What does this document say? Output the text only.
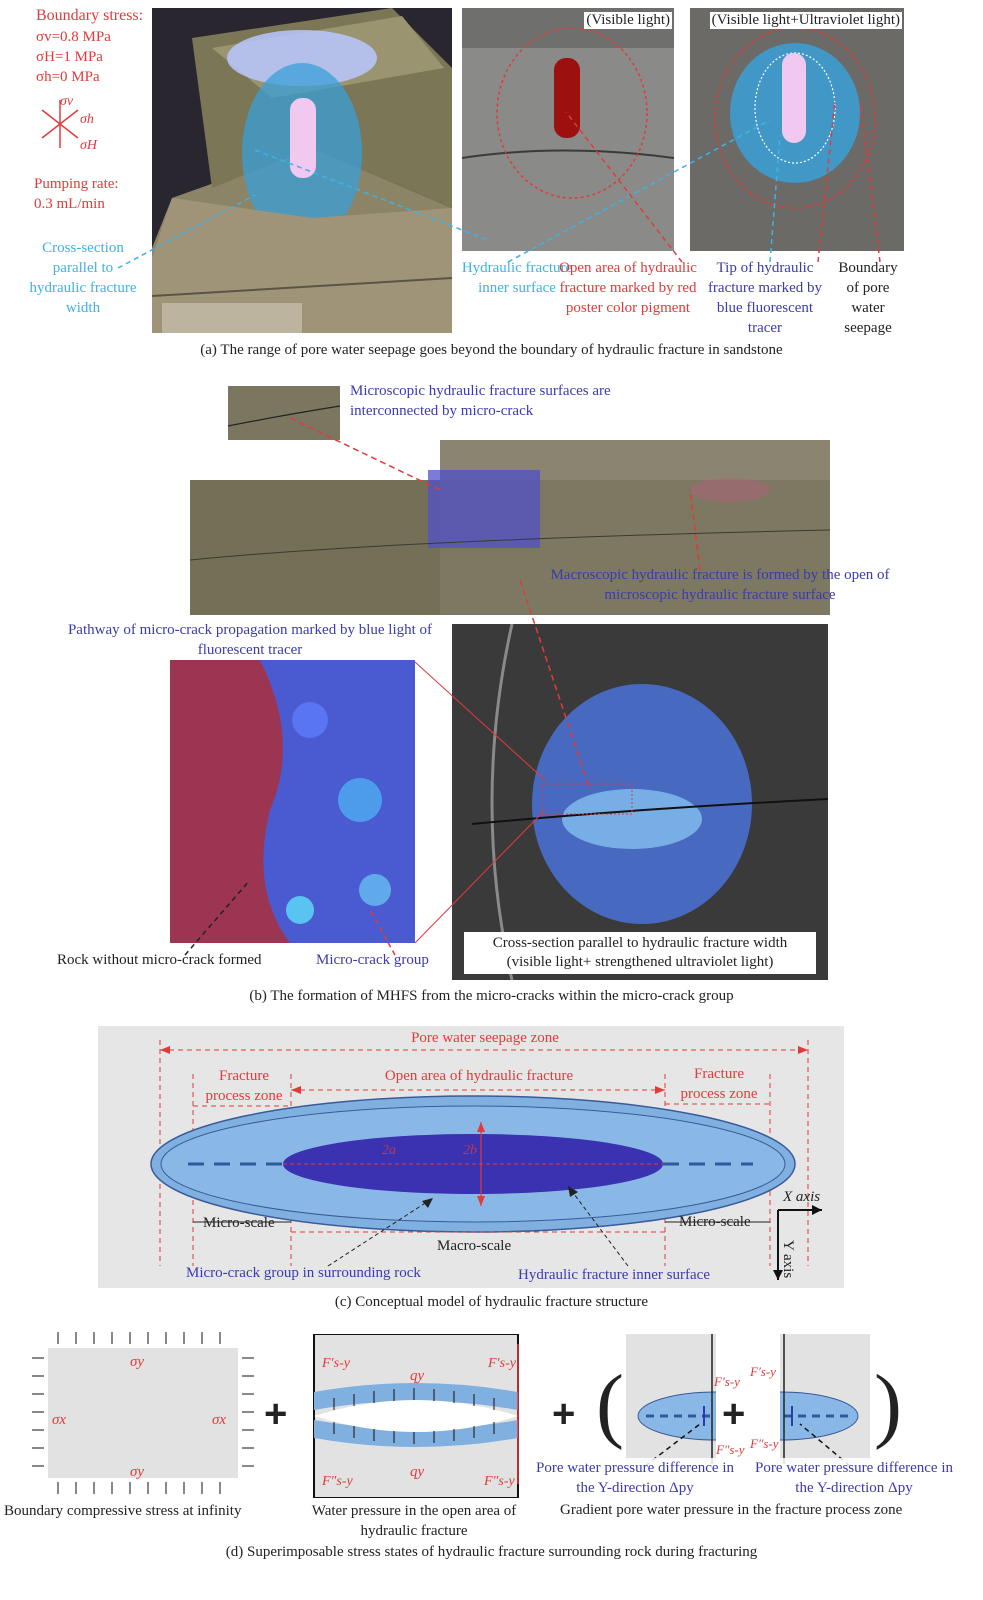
Boundary stress:
σv=0.8 MPa
σH=1 MPa
σh=0 MPa
σv
σh
σH
Pumping rate:
0.3 mL/min
Cross-section parallel to hydraulic fracture width
(Visible light)	(Visible light+Ultraviolet light)
Hydraulic fracture inner surface
Open area of hydraulic fracture marked by red poster color pigment
Tip of hydraulic fracture marked by blue fluorescent tracer
Boundary of pore water seepage
(a) The range of pore water seepage goes beyond the boundary of hydraulic fracture in sandstone
Microscopic hydraulic fracture surfaces are interconnected by micro-crack
Macroscopic hydraulic fracture is formed by the open of microscopic hydraulic fracture surface
Pathway of micro-crack propagation marked by blue light of fluorescent tracer
Cross-section parallel to hydraulic fracture width
(visible light+ strengthened ultraviolet light)
Rock without micro-crack formed	Micro-crack group
(b) The formation of MHFS from the micro-cracks within the micro-crack group
Pore water seepage zone
Fracture process zone
Open area of hydraulic fracture	Fracture process zone
2a	2b
Micro-scale
Macro-scale
Micro-scale
X axis
Y axis
Micro-crack group in surrounding rock	Hydraulic fracture inner surface
(c) Conceptual model of hydraulic fracture structure
σy
σy
σx	σx
Boundary compressive stress at infinity
+
F′s-y	F′s-y
qy
qy
F″s-y	F″s-y
Water pressure in the open area of hydraulic fracture
+ ( +
F′s-y
F′s-y
F″s-y F″s-y )
Pore water pressure difference in the Y-direction Δpy
Pore water pressure difference in the Y-direction Δpy
Gradient pore water pressure in the fracture process zone
(d) Superimposable stress states of hydraulic fracture surrounding rock during fracturing
